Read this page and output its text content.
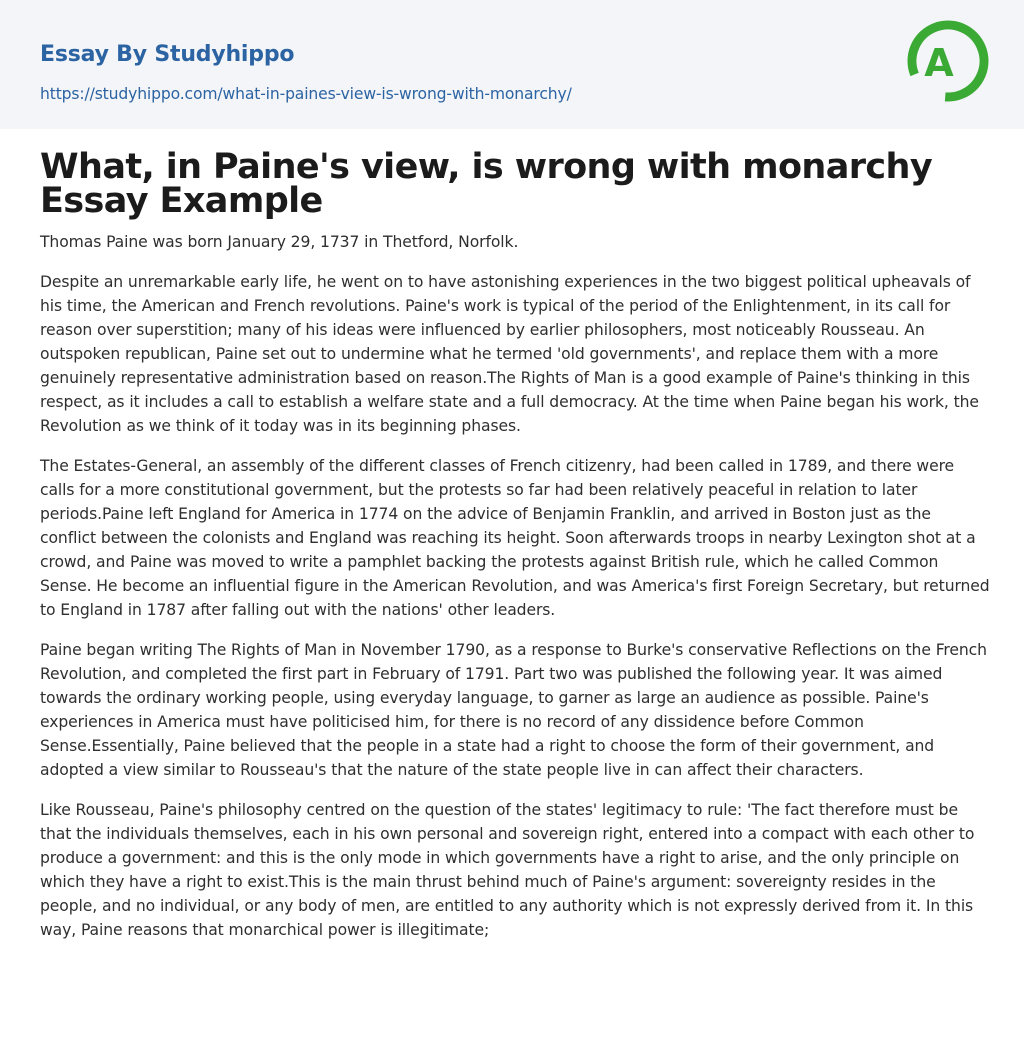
Essay By Studyhippo
https://studyhippo.com/what-in-paines-view-is-wrong-with-monarchy/
A
What, in Paine's view, is wrong with monarchy Essay Example

Thomas Paine was born January 29, 1737 in Thetford, Norfolk.

Despite an unremarkable early life, he went on to have astonishing experiences in the two biggest political upheavals of his time, the American and French revolutions. Paine's work is typical of the period of the Enlightenment, in its call for reason over superstition; many of his ideas were influenced by earlier philosophers, most noticeably Rousseau. An outspoken republican, Paine set out to undermine what he termed 'old governments', and replace them with a more genuinely representative administration based on reason.The Rights of Man is a good example of Paine's thinking in this respect, as it includes a call to establish a welfare state and a full democracy. At the time when Paine began his work, the Revolution as we think of it today was in its beginning phases.

The Estates-General, an assembly of the different classes of French citizenry, had been called in 1789, and there were calls for a more constitutional government, but the protests so far had been relatively peaceful in relation to later periods.Paine left England for America in 1774 on the advice of Benjamin Franklin, and arrived in Boston just as the conflict between the colonists and England was reaching its height. Soon afterwards troops in nearby Lexington shot at a crowd, and Paine was moved to write a pamphlet backing the protests against British rule, which he called Common Sense. He become an influential figure in the American Revolution, and was America's first Foreign Secretary, but returned to England in 1787 after falling out with the nations' other leaders.

Paine began writing The Rights of Man in November 1790, as a response to Burke's conservative Reflections on the French Revolution, and completed the first part in February of 1791. Part two was published the following year. It was aimed towards the ordinary working people, using everyday language, to garner as large an audience as possible. Paine's experiences in America must have politicised him, for there is no record of any dissidence before Common Sense.Essentially, Paine believed that the people in a state had a right to choose the form of their government, and adopted a view similar to Rousseau's that the nature of the state people live in can affect their characters.

Like Rousseau, Paine's philosophy centred on the question of the states' legitimacy to rule: 'The fact therefore must be that the individuals themselves, each in his own personal and sovereign right, entered into a compact with each other to produce a government: and this is the only mode in which governments have a right to arise, and the only principle on which they have a right to exist.This is the main thrust behind much of Paine's argument: sovereignty resides in the people, and no individual, or any body of men, are entitled to any authority which is not expressly derived from it. In this way, Paine reasons that monarchical power is illegitimate;
